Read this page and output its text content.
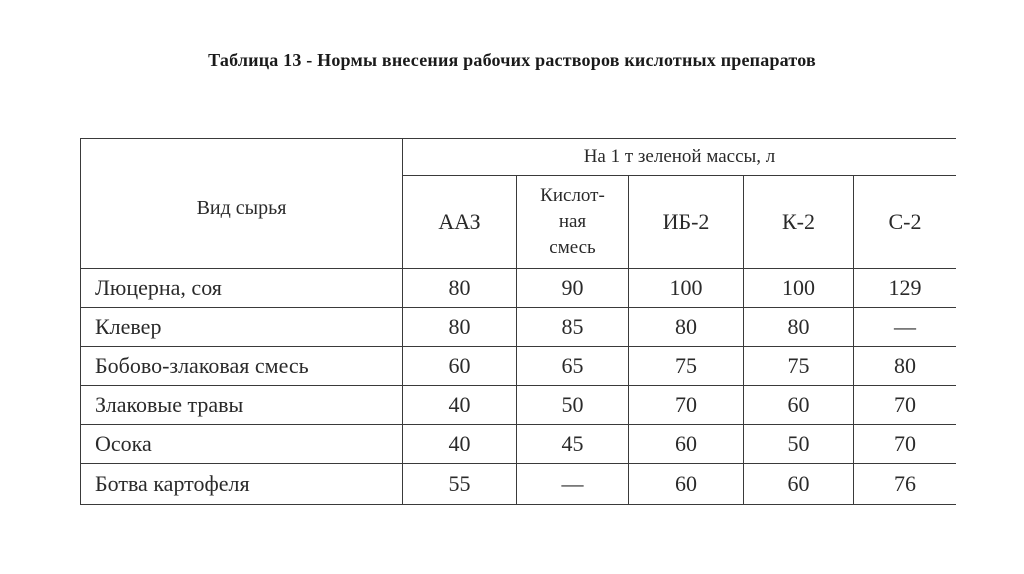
Таблица 13 - Нормы внесения рабочих растворов кислотных препаратов
Вид сырья	На 1 т зеленой массы, л				
	ААЗ	Кислот-
ная
смесь	ИБ-2	К-2	С-2
Люцерна, соя	80	90	100	100	129
Клевер	80	85	80	80	—
Бобово-злаковая смесь	60	65	75	75	80
Злаковые травы	40	50	70	60	70
Осока	40	45	60	50	70
Ботва картофеля	55	—	60	60	76
